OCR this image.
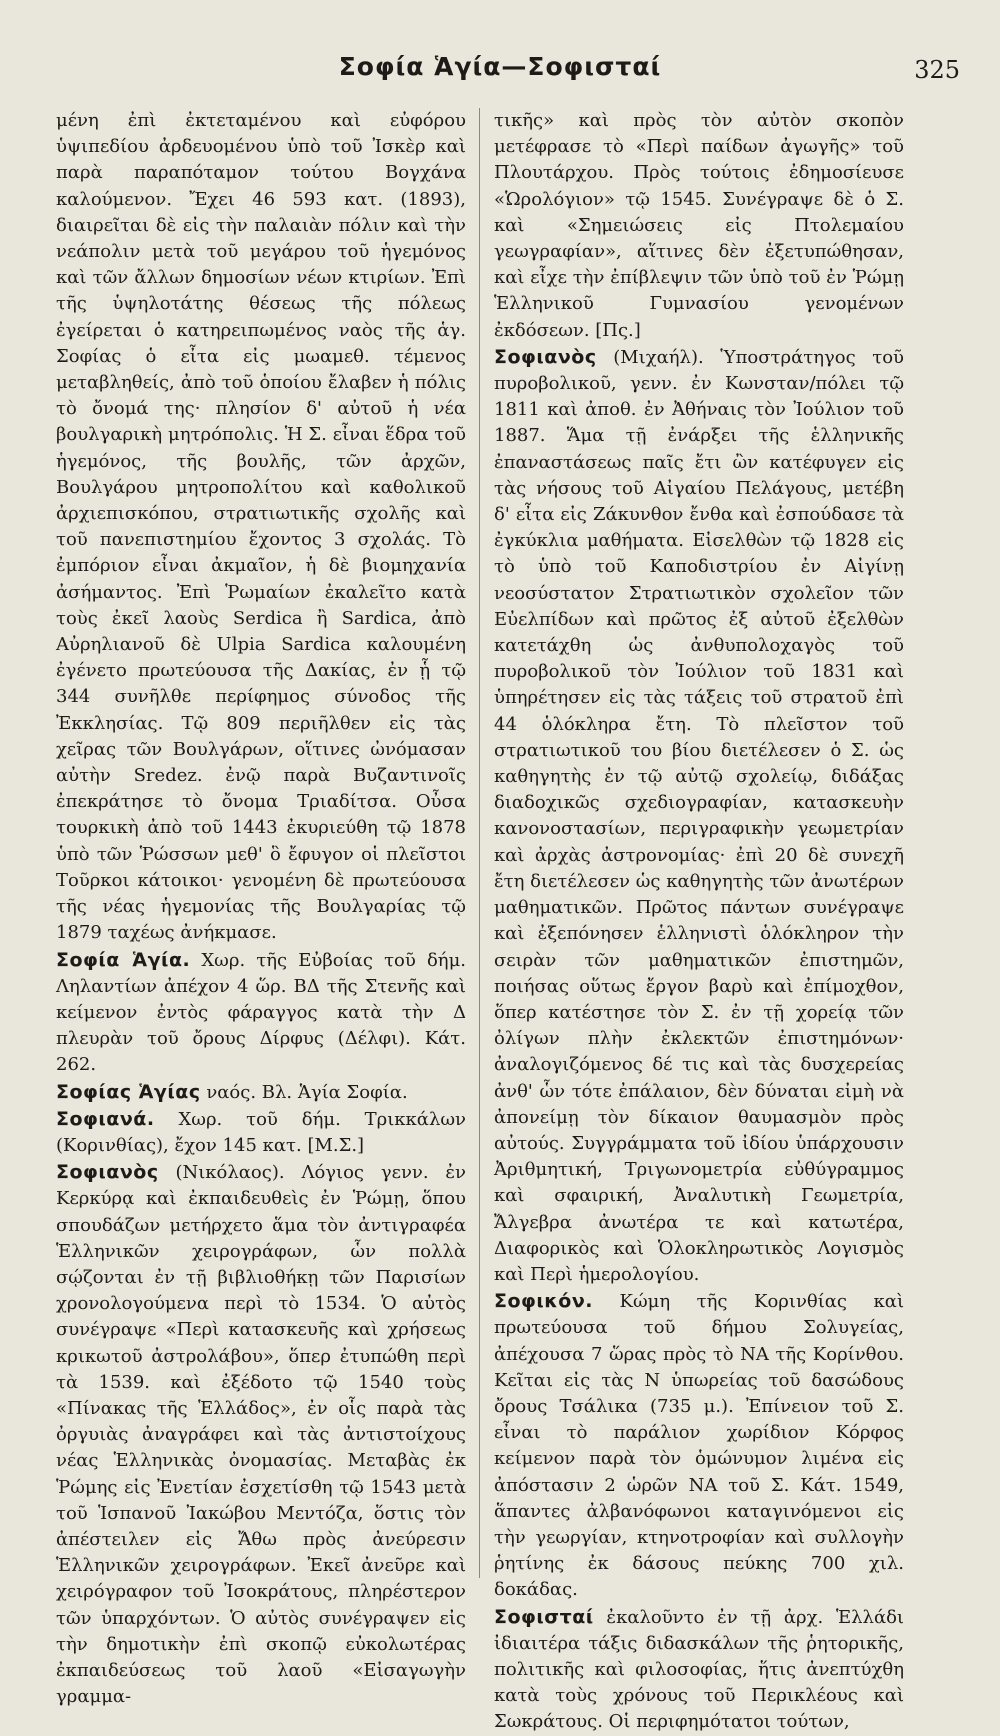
Σοφία Ἁγία—Σοφισταί	325

μένη ἐπὶ ἐκτεταμένου καὶ εὐφόρου ὑψιπεδίου ἀρδευομένου ὑπὸ τοῦ Ἰσκὲρ καὶ παρὰ παραπόταμον τούτου Βογχάνα καλούμενον. Ἔχει 46 593 κατ. (1893), διαιρεῖται δὲ εἰς τὴν παλαιὰν πόλιν καὶ τὴν νεάπολιν μετὰ τοῦ μεγάρου τοῦ ἡγεμόνος καὶ τῶν ἄλλων δημοσίων νέων κτιρίων. Ἐπὶ τῆς ὑψηλοτάτης θέσεως τῆς πόλεως ἐγείρεται ὁ κατηρειπωμένος ναὸς τῆς ἁγ. Σοφίας ὁ εἶτα εἰς μωαμεθ. τέμενος μεταβληθείς, ἀπὸ τοῦ ὁποίου ἔλαβεν ἡ πόλις τὸ ὄνομά της· πλησίον δ' αὐτοῦ ἡ νέα βουλγαρικὴ μητρόπολις. Ἡ Σ. εἶναι ἕδρα τοῦ ἡγεμόνος, τῆς βουλῆς, τῶν ἀρχῶν, Βουλγάρου μητροπολίτου καὶ καθολικοῦ ἀρχιεπισκόπου, στρατιωτικῆς σχολῆς καὶ τοῦ πανεπιστημίου ἔχοντος 3 σχολάς. Τὸ ἐμπόριον εἶναι ἀκμαῖον, ἡ δὲ βιομηχανία ἀσήμαντος. Ἐπὶ Ῥωμαίων ἐκαλεῖτο κατὰ τοὺς ἐκεῖ λαοὺς Serdica ἢ Sardica, ἀπὸ Αὐρηλιανοῦ δὲ Ulpia Sardica καλουμένη ἐγένετο πρωτεύουσα τῆς Δακίας, ἐν ᾗ τῷ 344 συνῆλθε περίφημος σύνοδος τῆς Ἐκκλησίας. Τῷ 809 περιῆλθεν εἰς τὰς χεῖρας τῶν Βουλγάρων, οἵτινες ὠνόμασαν αὐτὴν Sredez. ἐνῷ παρὰ Βυζαντινοῖς ἐπεκράτησε τὸ ὄνομα Τριαδίτσα. Οὖσα τουρκικὴ ἀπὸ τοῦ 1443 ἐκυριεύθη τῷ 1878 ὑπὸ τῶν Ῥώσσων μεθ' ὃ ἔφυγον οἱ πλεῖστοι Τοῦρκοι κάτοικοι· γενομένη δὲ πρωτεύουσα τῆς νέας ἡγεμονίας τῆς Βουλγαρίας τῷ 1879 ταχέως ἀνήκμασε.

Σοφία Ἁγία. Χωρ. τῆς Εὐβοίας τοῦ δήμ. Ληλαντίων ἀπέχον 4 ὥρ. ΒΔ τῆς Στενῆς καὶ κείμενον ἐντὸς φάραγγος κατὰ τὴν Δ πλευρὰν τοῦ ὄρους Δίρφυς (Δέλφι). Κάτ. 262.

Σοφίας Ἁγίας ναός. Βλ. Ἁγία Σοφία.

Σοφιανά. Χωρ. τοῦ δήμ. Τρικκάλων (Κορινθίας), ἔχον 145 κατ. [Μ.Σ.]

Σοφιανὸς (Νικόλαος). Λόγιος γενν. ἐν Κερκύρᾳ καὶ ἐκπαιδευθεὶς ἐν Ῥώμῃ, ὅπου σπουδάζων μετήρχετο ἅμα τὸν ἀντιγραφέα Ἑλληνικῶν χειρογράφων, ὧν πολλὰ σῴζονται ἐν τῇ βιβλιοθήκῃ τῶν Παρισίων χρονολογούμενα περὶ τὸ 1534. Ὁ αὐτὸς συνέγραψε «Περὶ κατασκευῆς καὶ χρήσεως κρικωτοῦ ἀστρολάβου», ὅπερ ἐτυπώθη περὶ τὰ 1539. καὶ ἐξέδοτο τῷ 1540 τοὺς «Πίνακας τῆς Ἑλλάδος», ἐν οἷς παρὰ τὰς ὀργυιὰς ἀναγράφει καὶ τὰς ἀντιστοίχους νέας Ἑλληνικὰς ὀνομασίας. Μεταβὰς ἐκ Ῥώμης εἰς Ἐνετίαν ἐσχετίσθη τῷ 1543 μετὰ τοῦ Ἱσπανοῦ Ἰακώβου Μεντόζα, ὅστις τὸν ἀπέστειλεν εἰς Ἄθω πρὸς ἀνεύρεσιν Ἑλληνικῶν χειρογράφων. Ἐκεῖ ἀνεῦρε καὶ χειρόγραφον τοῦ Ἰσοκράτους, πληρέστερον τῶν ὑπαρχόντων. Ὁ αὐτὸς συνέγραψεν εἰς τὴν δημοτικὴν ἐπὶ σκοπῷ εὐκολωτέρας ἐκπαιδεύσεως τοῦ λαοῦ «Εἰσαγωγὴν γραμμα-

τικῆς» καὶ πρὸς τὸν αὐτὸν σκοπὸν μετέφρασε τὸ «Περὶ παίδων ἀγωγῆς» τοῦ Πλουτάρχου. Πρὸς τούτοις ἐδημοσίευσε «Ὡρολόγιον» τῷ 1545. Συνέγραψε δὲ ὁ Σ. καὶ «Σημειώσεις εἰς Πτολεμαίου γεωγραφίαν», αἵτινες δὲν ἐξετυπώθησαν, καὶ εἶχε τὴν ἐπίβλεψιν τῶν ὑπὸ τοῦ ἐν Ῥώμῃ Ἑλληνικοῦ Γυμνασίου γενομένων ἐκδόσεων. [Πς.]

Σοφιανὸς (Μιχαήλ). Ὑποστράτηγος τοῦ πυροβολικοῦ, γενν. ἐν Κωνσταν/πόλει τῷ 1811 καὶ ἀποθ. ἐν Ἀθήναις τὸν Ἰούλιον τοῦ 1887. Ἅμα τῇ ἐνάρξει τῆς ἑλληνικῆς ἐπαναστάσεως παῖς ἔτι ὢν κατέφυγεν εἰς τὰς νήσους τοῦ Αἰγαίου Πελάγους, μετέβη δ' εἶτα εἰς Ζάκυνθον ἔνθα καὶ ἐσπούδασε τὰ ἐγκύκλια μαθήματα. Εἰσελθὼν τῷ 1828 εἰς τὸ ὑπὸ τοῦ Καποδιστρίου ἐν Αἰγίνῃ νεοσύστατον Στρατιωτικὸν σχολεῖον τῶν Εὐελπίδων καὶ πρῶτος ἐξ αὐτοῦ ἐξελθὼν κατετάχθη ὡς ἀνθυπολοχαγὸς τοῦ πυροβολικοῦ τὸν Ἰούλιον τοῦ 1831 καὶ ὑπηρέτησεν εἰς τὰς τάξεις τοῦ στρατοῦ ἐπὶ 44 ὁλόκληρα ἔτη. Τὸ πλεῖστον τοῦ στρατιωτικοῦ του βίου διετέλεσεν ὁ Σ. ὡς καθηγητὴς ἐν τῷ αὐτῷ σχολείῳ, διδάξας διαδοχικῶς σχεδιογραφίαν, κατασκευὴν κανονοστασίων, περιγραφικὴν γεωμετρίαν καὶ ἀρχὰς ἀστρονομίας· ἐπὶ 20 δὲ συνεχῆ ἔτη διετέλεσεν ὡς καθηγητὴς τῶν ἀνωτέρων μαθηματικῶν. Πρῶτος πάντων συνέγραψε καὶ ἐξεπόνησεν ἑλληνιστὶ ὁλόκληρον τὴν σειρὰν τῶν μαθηματικῶν ἐπιστημῶν, ποιήσας οὕτως ἔργον βαρὺ καὶ ἐπίμοχθον, ὅπερ κατέστησε τὸν Σ. ἐν τῇ χορείᾳ τῶν ὀλίγων πλὴν ἐκλεκτῶν ἐπιστημόνων· ἀναλογιζόμενος δέ τις καὶ τὰς δυσχερείας ἀνθ' ὧν τότε ἐπάλαιον, δὲν δύναται εἰμὴ νὰ ἀπονείμῃ τὸν δίκαιον θαυμασμὸν πρὸς αὐτούς. Συγγράμματα τοῦ ἰδίου ὑπάρχουσιν Ἀριθμητική, Τριγωνομετρία εὐθύγραμμος καὶ σφαιρική, Ἀναλυτικὴ Γεωμετρία, Ἄλγεβρα ἀνωτέρα τε καὶ κατωτέρα, Διαφορικὸς καὶ Ὁλοκληρωτικὸς Λογισμὸς καὶ Περὶ ἡμερολογίου.

Σοφικόν. Κώμη τῆς Κορινθίας καὶ πρωτεύουσα τοῦ δήμου Σολυγείας, ἀπέχουσα 7 ὥρας πρὸς τὸ ΝΑ τῆς Κορίνθου. Κεῖται εἰς τὰς Ν ὑπωρείας τοῦ δασώδους ὄρους Τσάλικα (735 μ.). Ἐπίνειον τοῦ Σ. εἶναι τὸ παράλιον χωρίδιον Κόρφος κείμενον παρὰ τὸν ὁμώνυμον λιμένα εἰς ἀπόστασιν 2 ὡρῶν ΝΑ τοῦ Σ. Κάτ. 1549, ἅπαντες ἀλβανόφωνοι καταγινόμενοι εἰς τὴν γεωργίαν, κτηνοτροφίαν καὶ συλλογὴν ῥητίνης ἐκ δάσους πεύκης 700 χιλ. δοκάδας.

Σοφισταί ἐκαλοῦντο ἐν τῇ ἀρχ. Ἑλλάδι ἰδιαιτέρα τάξις διδασκάλων τῆς ῥητορικῆς, πολιτικῆς καὶ φιλοσοφίας, ἥτις ἀνεπτύχθη κατὰ τοὺς χρόνους τοῦ Περικλέους καὶ Σωκράτους. Οἱ περιφημότατοι τούτων,
